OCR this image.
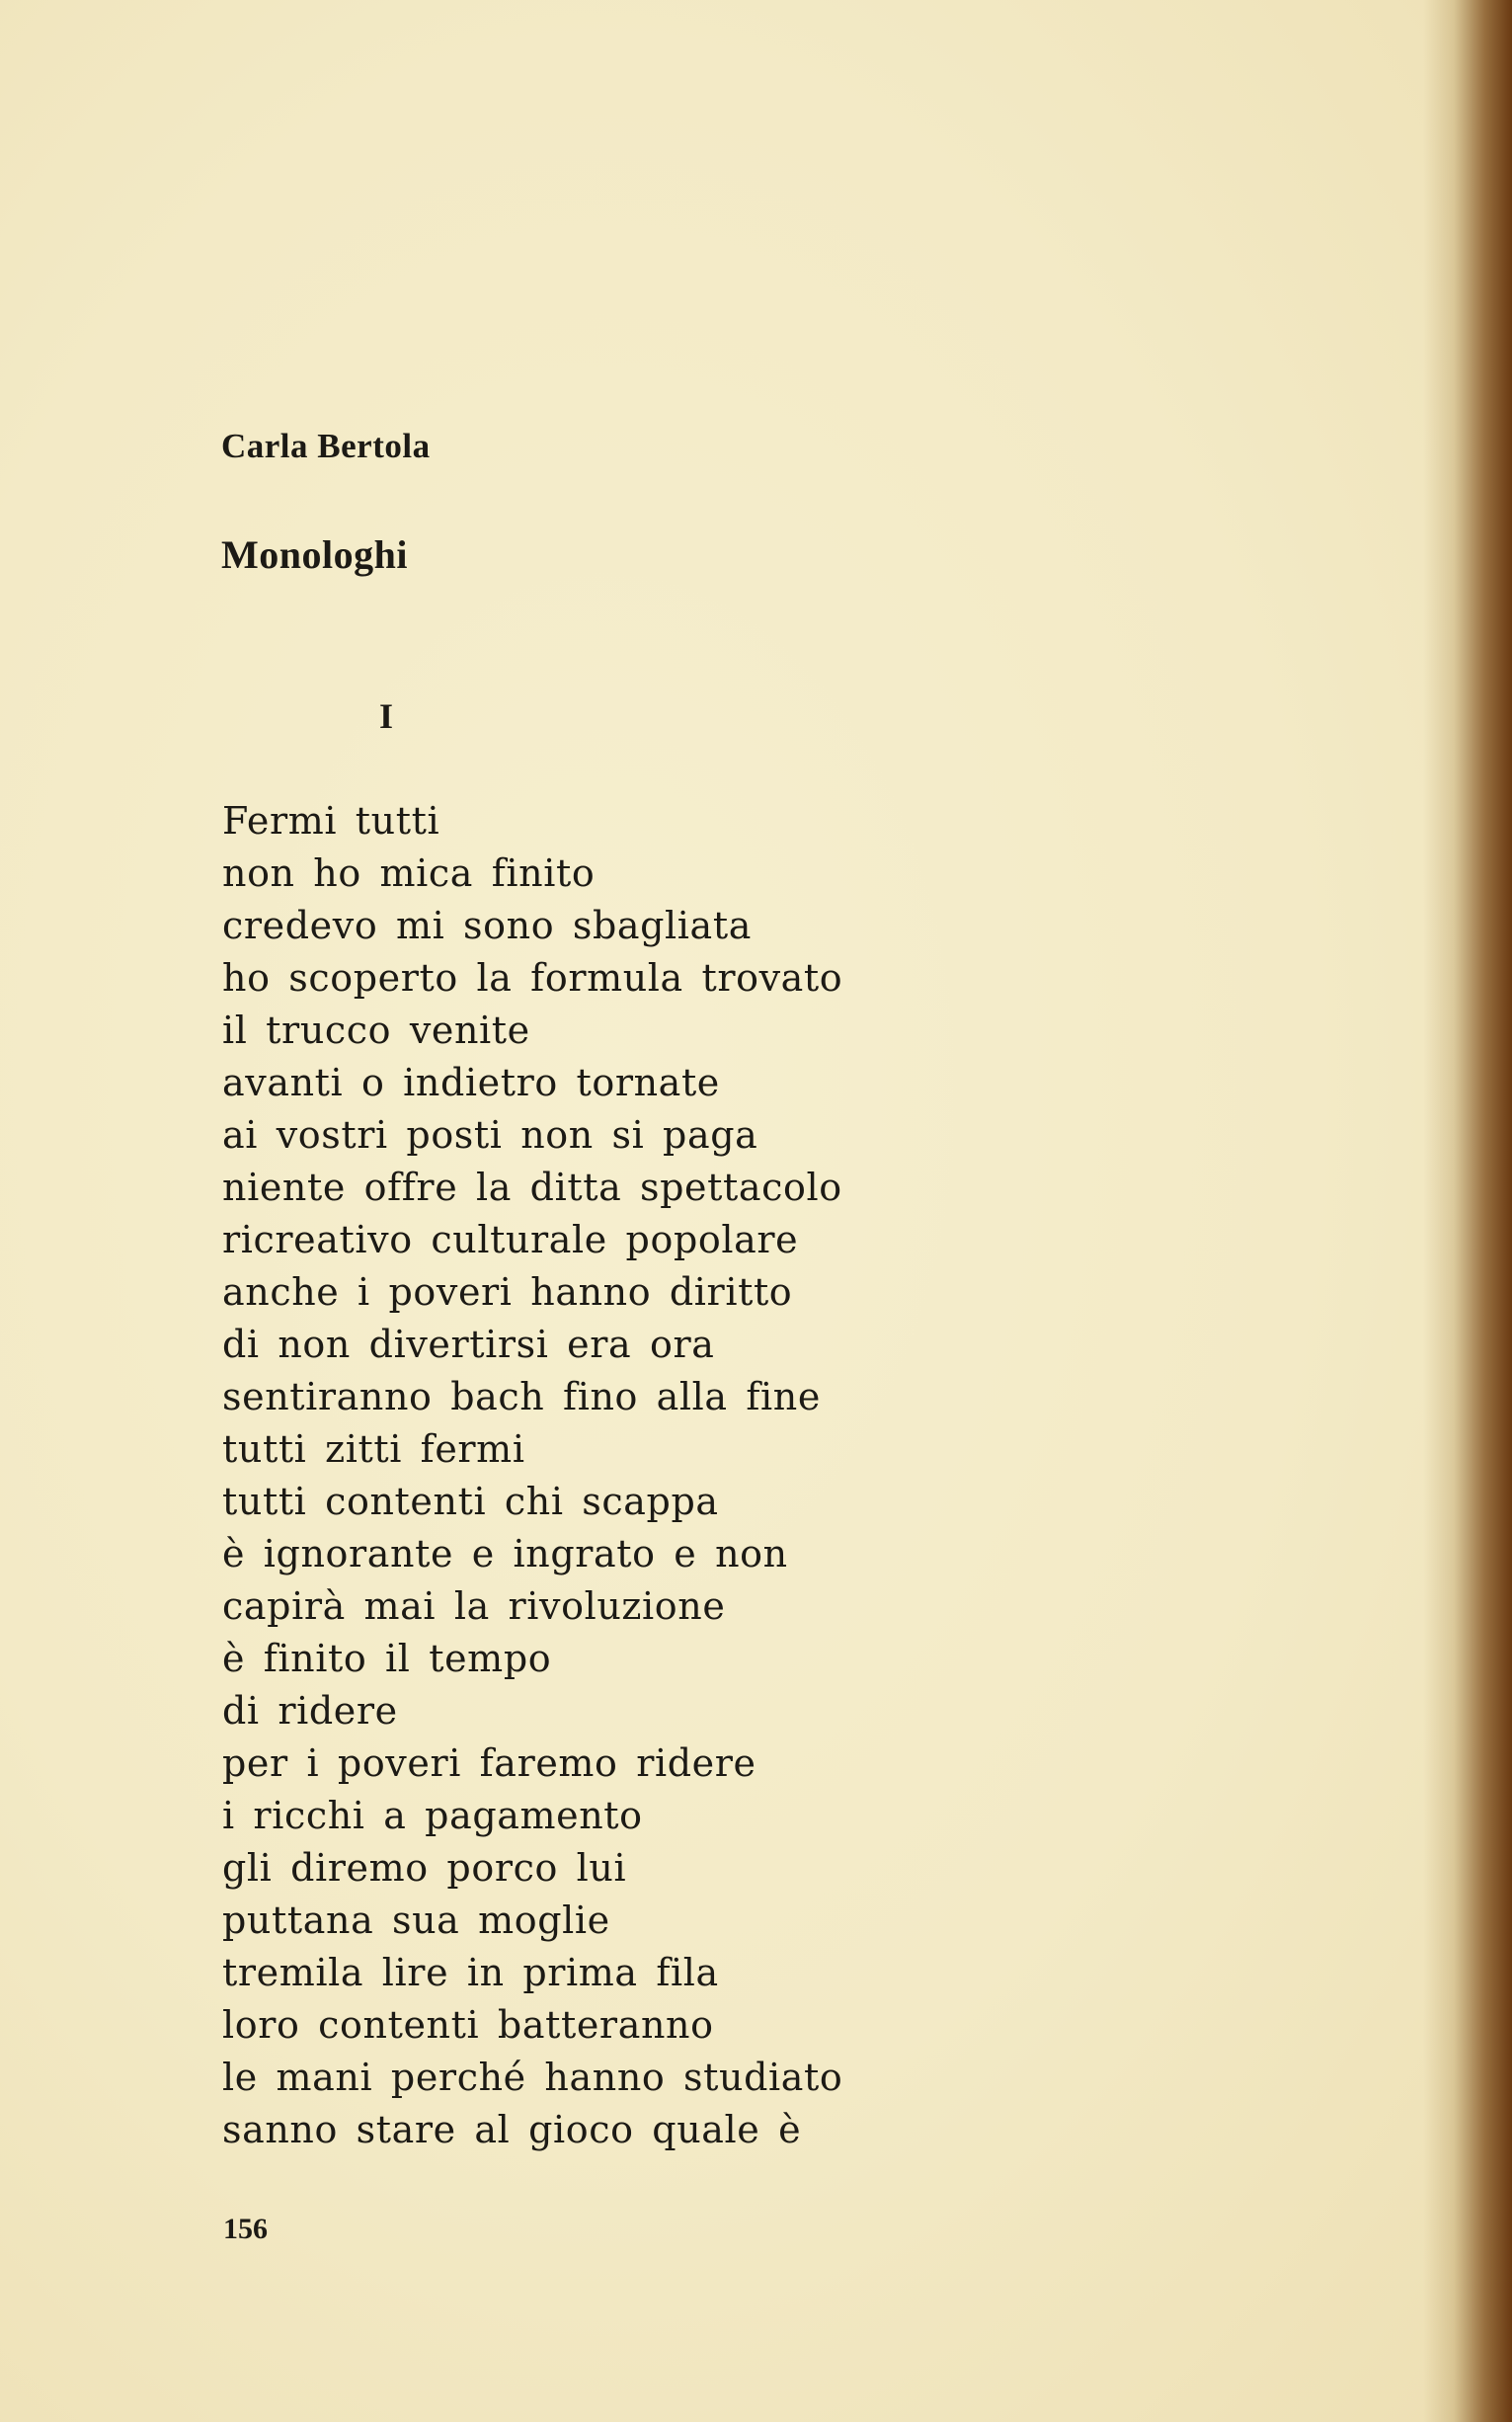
Carla Bertola

Monologhi
I
Fermi tutti
non ho mica finito
credevo mi sono sbagliata
ho scoperto la formula trovato
il trucco venite
avanti o indietro tornate
ai vostri posti non si paga
niente offre la ditta spettacolo
ricreativo culturale popolare
anche i poveri hanno diritto
di non divertirsi era ora
sentiranno bach fino alla fine
tutti zitti fermi
tutti contenti chi scappa
è ignorante e ingrato e non
capirà mai la rivoluzione
è finito il tempo
di ridere
per i poveri faremo ridere
i ricchi a pagamento
gli diremo porco lui
puttana sua moglie
tremila lire in prima fila
loro contenti batteranno
le mani perché hanno studiato
sanno stare al gioco quale è

156
